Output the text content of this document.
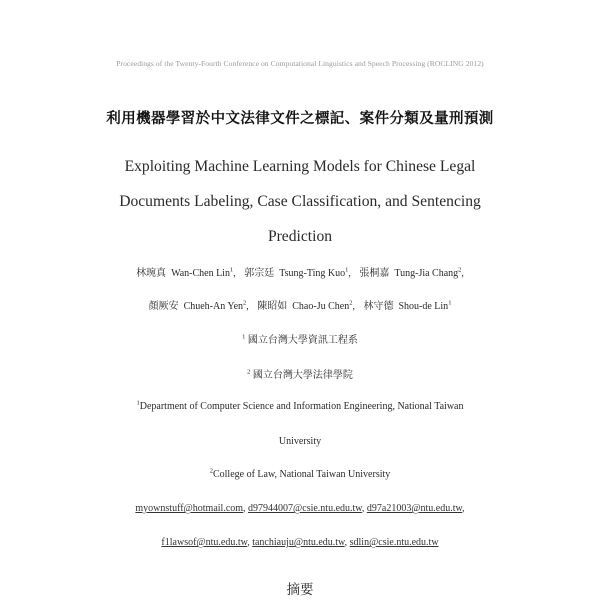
Proceedings of the Twenty-Fourth Conference on Computational Linguistics and Speech Processing (ROCLING 2012)
利用機器學習於中文法律文件之標記、案件分類及量刑預測
Exploiting Machine Learning Models for Chinese Legal
Documents Labeling, Case Classification, and Sentencing
Prediction
林琬真 Wan-Chen Lin$^1$, 郭宗廷 Tsung-Ting Kuo$^1$, 張桐嘉 Tung-Jia Chang$^2$,
顏厥安 Chueh-An Yen$^2$, 陳昭如 Chao-Ju Chen$^2$, 林守德 Shou-de Lin$^1$
$^1$ 國立台灣大學資訊工程系
$^2$ 國立台灣大學法律學院
$^1$Department of Computer Science and Information Engineering, National Taiwan
University
$^2$College of Law, National Taiwan University
myownstuff@hotmail.com, d97944007@csie.ntu.edu.tw, d97a21003@ntu.edu.tw,
f1lawsof@ntu.edu.tw, tanchiauju@ntu.edu.tw, sdlin@csie.ntu.edu.tw
摘要
